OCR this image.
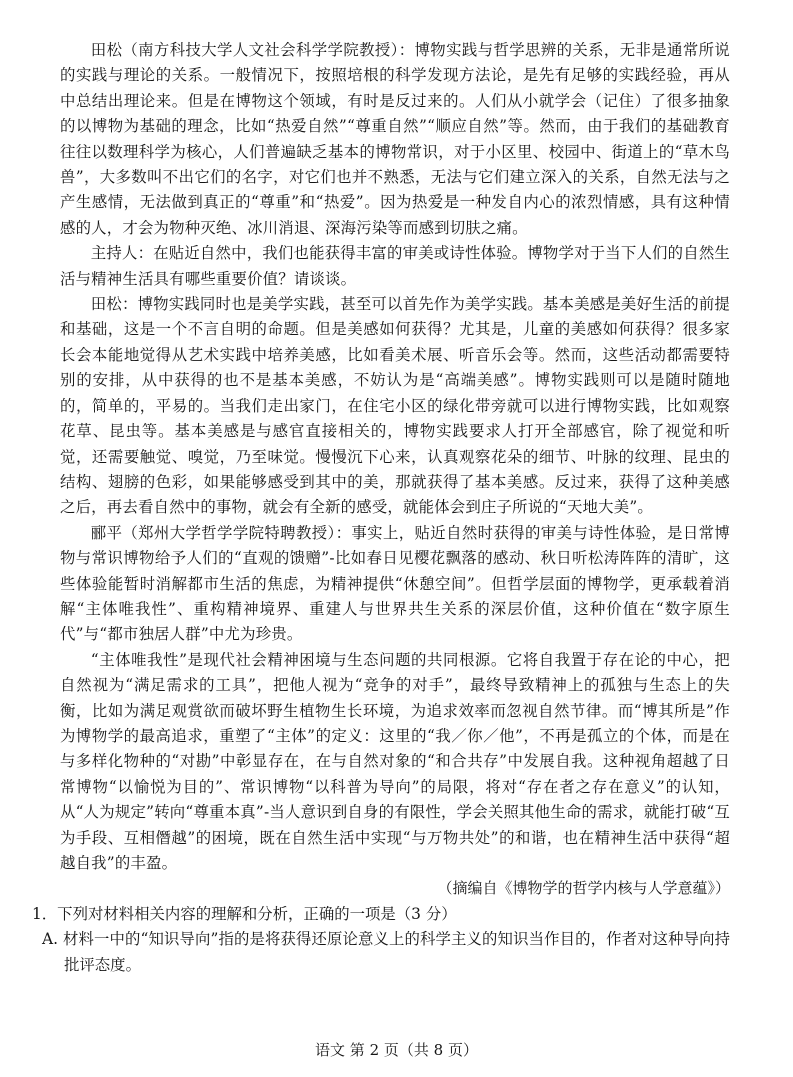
田松（南方科技大学人文社会科学学院教授）：博物实践与哲学思辨的关系，无非是通常所说的实践与理论的关系。一般情况下，按照培根的科学发现方法论，是先有足够的实践经验，再从中总结出理论来。但是在博物这个领域，有时是反过来的。人们从小就学会（记住）了很多抽象的以博物为基础的理念，比如“热爱自然”“尊重自然”“顺应自然”等。然而，由于我们的基础教育往往以数理科学为核心，人们普遍缺乏基本的博物常识，对于小区里、校园中、街道上的“草木鸟兽”，大多数叫不出它们的名字，对它们也并不熟悉，无法与它们建立深入的关系，自然无法与之产生感情，无法做到真正的“尊重”和“热爱”。因为热爱是一种发自内心的浓烈情感，具有这种情感的人，才会为物种灭绝、冰川消退、深海污染等而感到切肤之痛。

主持人：在贴近自然中，我们也能获得丰富的审美或诗性体验。博物学对于当下人们的自然生活与精神生活具有哪些重要价值？请谈谈。

田松：博物实践同时也是美学实践，甚至可以首先作为美学实践。基本美感是美好生活的前提和基础，这是一个不言自明的命题。但是美感如何获得？尤其是，儿童的美感如何获得？很多家长会本能地觉得从艺术实践中培养美感，比如看美术展、听音乐会等。然而，这些活动都需要特别的安排，从中获得的也不是基本美感，不妨认为是“高端美感”。博物实践则可以是随时随地的，简单的，平易的。当我们走出家门，在住宅小区的绿化带旁就可以进行博物实践，比如观察花草、昆虫等。基本美感是与感官直接相关的，博物实践要求人打开全部感官，除了视觉和听觉，还需要触觉、嗅觉，乃至味觉。慢慢沉下心来，认真观察花朵的细节、叶脉的纹理、昆虫的结构、翅膀的色彩，如果能够感受到其中的美，那就获得了基本美感。反过来，获得了这种美感之后，再去看自然中的事物，就会有全新的感受，就能体会到庄子所说的“天地大美”。

郦平（郑州大学哲学学院特聘教授）：事实上，贴近自然时获得的审美与诗性体验，是日常博物与常识博物给予人们的“直观的馈赠”-比如春日见樱花飘落的感动、秋日听松涛阵阵的清旷，这些体验能暂时消解都市生活的焦虑，为精神提供“休憩空间”。但哲学层面的博物学，更承载着消解“主体唯我性”、重构精神境界、重建人与世界共生关系的深层价值，这种价值在“数字原生代”与“都市独居人群”中尤为珍贵。

“主体唯我性”是现代社会精神困境与生态问题的共同根源。它将自我置于存在论的中心，把自然视为“满足需求的工具”，把他人视为“竞争的对手”，最终导致精神上的孤独与生态上的失衡，比如为满足观赏欲而破坏野生植物生长环境，为追求效率而忽视自然节律。而“博其所是”作为博物学的最高追求，重塑了“主体”的定义：这里的“我／你／他”，不再是孤立的个体，而是在与多样化物种的“对勘”中彰显存在，在与自然对象的“和合共存”中发展自我。这种视角超越了日常博物“以愉悦为目的”、常识博物“以科普为导向”的局限，将对“存在者之存在意义”的认知，从“人为规定”转向“尊重本真”-当人意识到自身的有限性，学会关照其他生命的需求，就能打破“互为手段、互相僭越”的困境，既在自然生活中实现“与万物共处”的和谐，也在精神生活中获得“超越自我”的丰盈。

（摘编自《博物学的哲学内核与人学意蕴》）

1．下列对材料相关内容的理解和分析，正确的一项是（3 分）

A. 材料一中的“知识导向”指的是将获得还原论意义上的科学主义的知识当作目的，作者对这种导向持批评态度。

语文 第 2 页（共 8 页）
